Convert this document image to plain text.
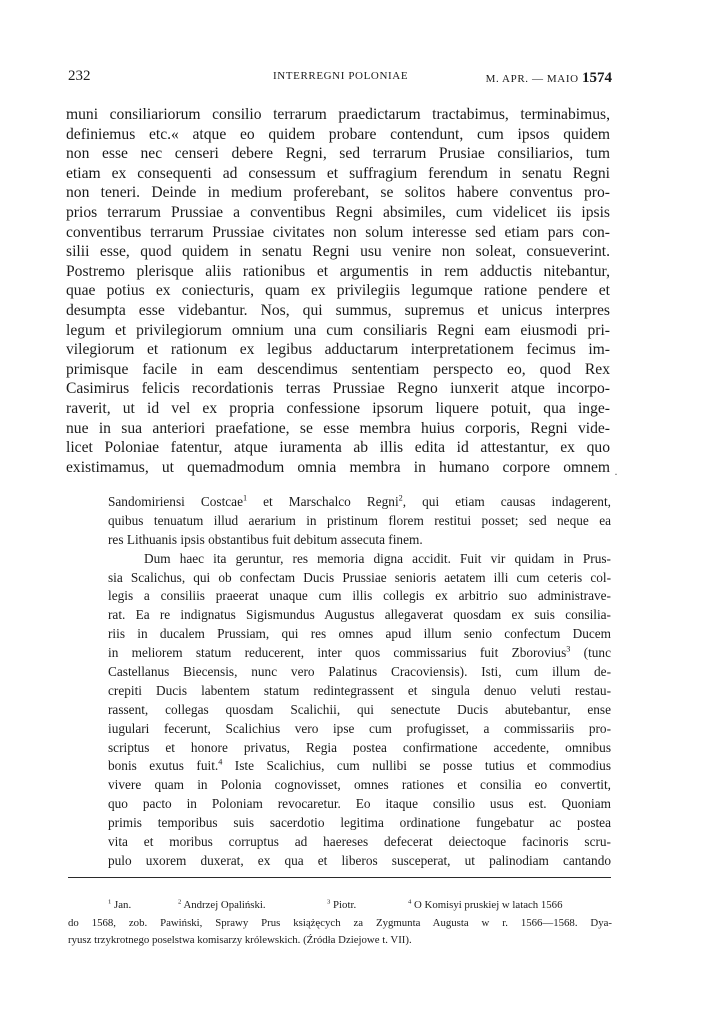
232	INTERREGNI POLONIAE	M. APR. — MAIO 1574
muni consiliariorum consilio terrarum praedictarum tractabimus, terminabimus,
definiemus etc.« atque eo quidem probare contendunt, cum ipsos quidem
non esse nec censeri debere Regni, sed terrarum Prusiae consiliarios, tum
etiam ex consequenti ad consessum et suffragium ferendum in senatu Regni
non teneri. Deinde in medium proferebant, se solitos habere conventus pro-
prios terrarum Prussiae a conventibus Regni absimiles, cum videlicet iis ipsis
conventibus terrarum Prussiae civitates non solum interesse sed etiam pars con-
silii esse, quod quidem in senatu Regni usu venire non soleat, consueverint.
Postremo plerisque aliis rationibus et argumentis in rem adductis nitebantur,
quae potius ex coniecturis, quam ex privilegiis legumque ratione pendere et
desumpta esse videbantur. Nos, qui summus, supremus et unicus interpres
legum et privilegiorum omnium una cum consiliaris Regni eam eiusmodi pri-
vilegiorum et rationum ex legibus adductarum interpretationem fecimus im-
primisque facile in eam descendimus sententiam perspecto eo, quod Rex
Casimirus felicis recordationis terras Prussiae Regno iunxerit atque incorpo-
raverit, ut id vel ex propria confessione ipsorum liquere potuit, qua inge-
nue in sua anteriori praefatione, se esse membra huius corporis, Regni vide-
licet Poloniae fatentur, atque iuramenta ab illis edita id attestantur, ex quo
existimamus, ut quemadmodum omnia membra in humano corpore omnem ·
Sandomiriensi Costcae$^1$ et Marschalco Regni$^2$, qui etiam causas indagerent,
quibus tenuatum illud aerarium in pristinum florem restitui posset; sed neque ea
res Lithuanis ipsis obstantibus fuit debitum assecuta finem.
Dum haec ita geruntur, res memoria digna accidit. Fuit vir quidam in Prus-
sia Scalichus, qui ob confectam Ducis Prussiae senioris aetatem illi cum ceteris col-
legis a consiliis praeerat unaque cum illis collegis ex arbitrio suo administrave-
rat. Ea re indignatus Sigismundus Augustus allegaverat quosdam ex suis consilia-
riis in ducalem Prussiam, qui res omnes apud illum senio confectum Ducem
in meliorem statum reducerent, inter quos commissarius fuit Zborovius$^3$ (tunc
Castellanus Biecensis, nunc vero Palatinus Cracoviensis). Isti, cum illum de-
crepiti Ducis labentem statum redintegrassent et singula denuo veluti restau-
rassent, collegas quosdam Scalichii, qui senectute Ducis abutebantur, ense
iugulari fecerunt, Scalichius vero ipse cum profugisset, a commissariis pro-
scriptus et honore privatus, Regia postea confirmatione accedente, omnibus
bonis exutus fuit.$^4$ Iste Scalichius, cum nullibi se posse tutius et commodius
vivere quam in Polonia cognovisset, omnes rationes et consilia eo convertit,
quo pacto in Poloniam revocaretur. Eo itaque consilio usus est. Quoniam
primis temporibus suis sacerdotio legitima ordinatione fungebatur ac postea
vita et moribus corruptus ad haereses defecerat deiectoque facinoris scru-
pulo uxorem duxerat, ex qua et liberos susceperat, ut palinodiam cantando
$^1$ Jan.	$^2$ Andrzej Opaliński.	$^3$ Piotr.	$^4$ O Komisyi pruskiej w latach 1566
do 1568, zob. Pawiński, Sprawy Prus książęcych za Zygmunta Augusta w r. 1566—1568. Dya-
ryusz trzykrotnego poselstwa komisarzy królewskich. (Źródła Dziejowe t. VII).
